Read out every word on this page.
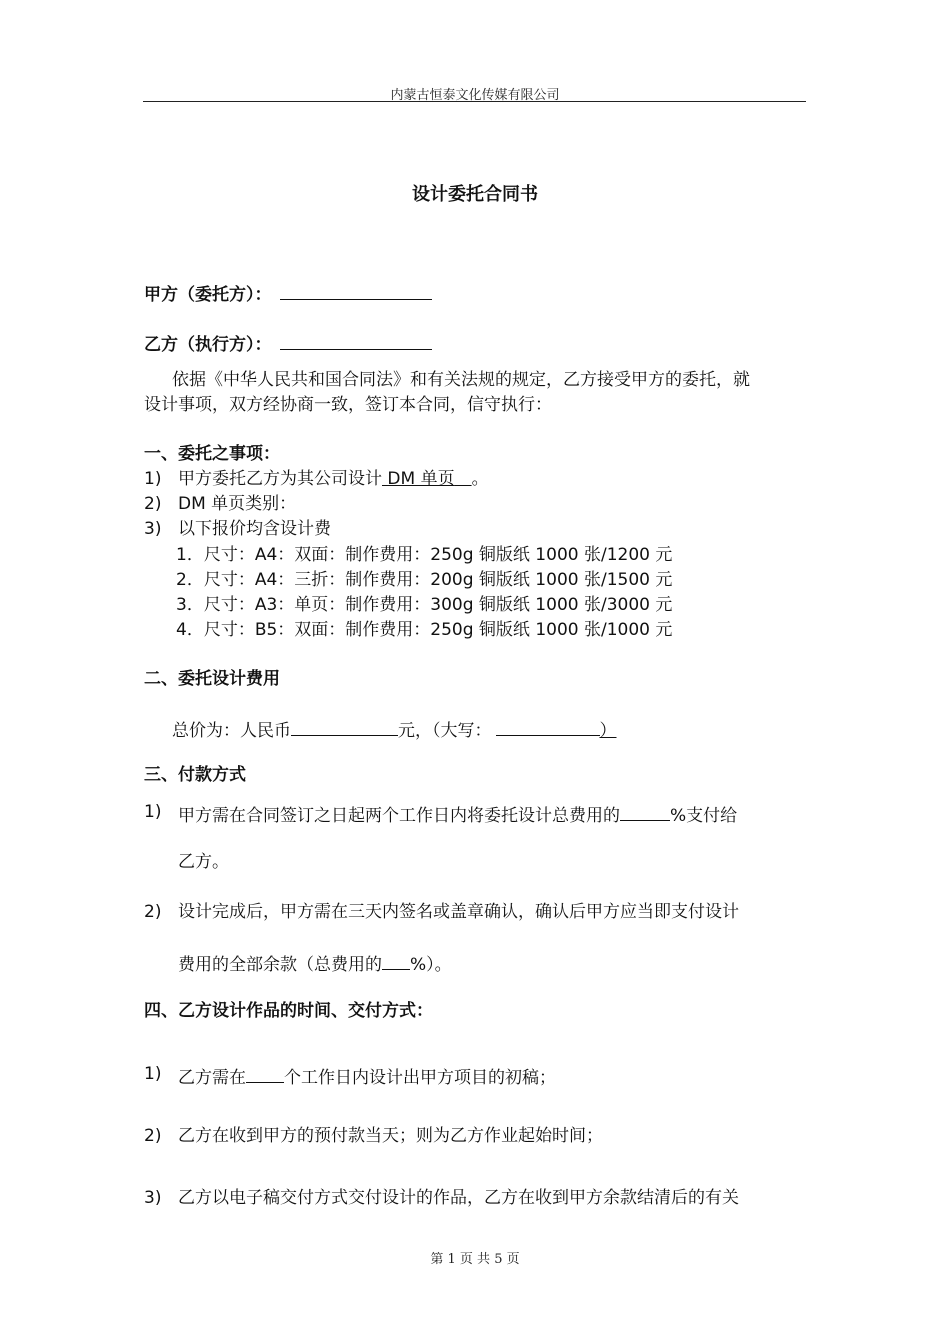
内蒙古恒泰文化传媒有限公司
设计委托合同书
甲方（委托方）：
乙方（执行方）：
依据《中华人民共和国合同法》和有关法规的规定，乙方接受甲方的委托，就
设计事项，双方经协商一致，签订本合同，信守执行：
一、委托之事项：
1) 甲方委托乙方为其公司设计 DM 单页　 。
2) DM 单页类别：
3) 以下报价均含设计费
1．尺寸：A4：双面：制作费用：250g 铜版纸 1000 张/1200 元
2．尺寸：A4：三折：制作费用：200g 铜版纸 1000 张/1500 元
3．尺寸：A3：单页：制作费用：300g 铜版纸 1000 张/3000 元
4．尺寸：B5：双面：制作费用：250g 铜版纸 1000 张/1000 元
二、委托设计费用
总价为：人民币	元，（大写：	）
三、付款方式
1) 甲方需在合同签订之日起两个工作日内将委托设计总费用的	%支付给
乙方。
2) 设计完成后，甲方需在三天内签名或盖章确认，确认后甲方应当即支付设计
费用的全部余款（总费用的 %）。
四、乙方设计作品的时间、交付方式：
1) 乙方需在 个工作日内设计出甲方项目的初稿；
2) 乙方在收到甲方的预付款当天；则为乙方作业起始时间；
3) 乙方以电子稿交付方式交付设计的作品，乙方在收到甲方余款结清后的有关
第 1 页 共 5 页
